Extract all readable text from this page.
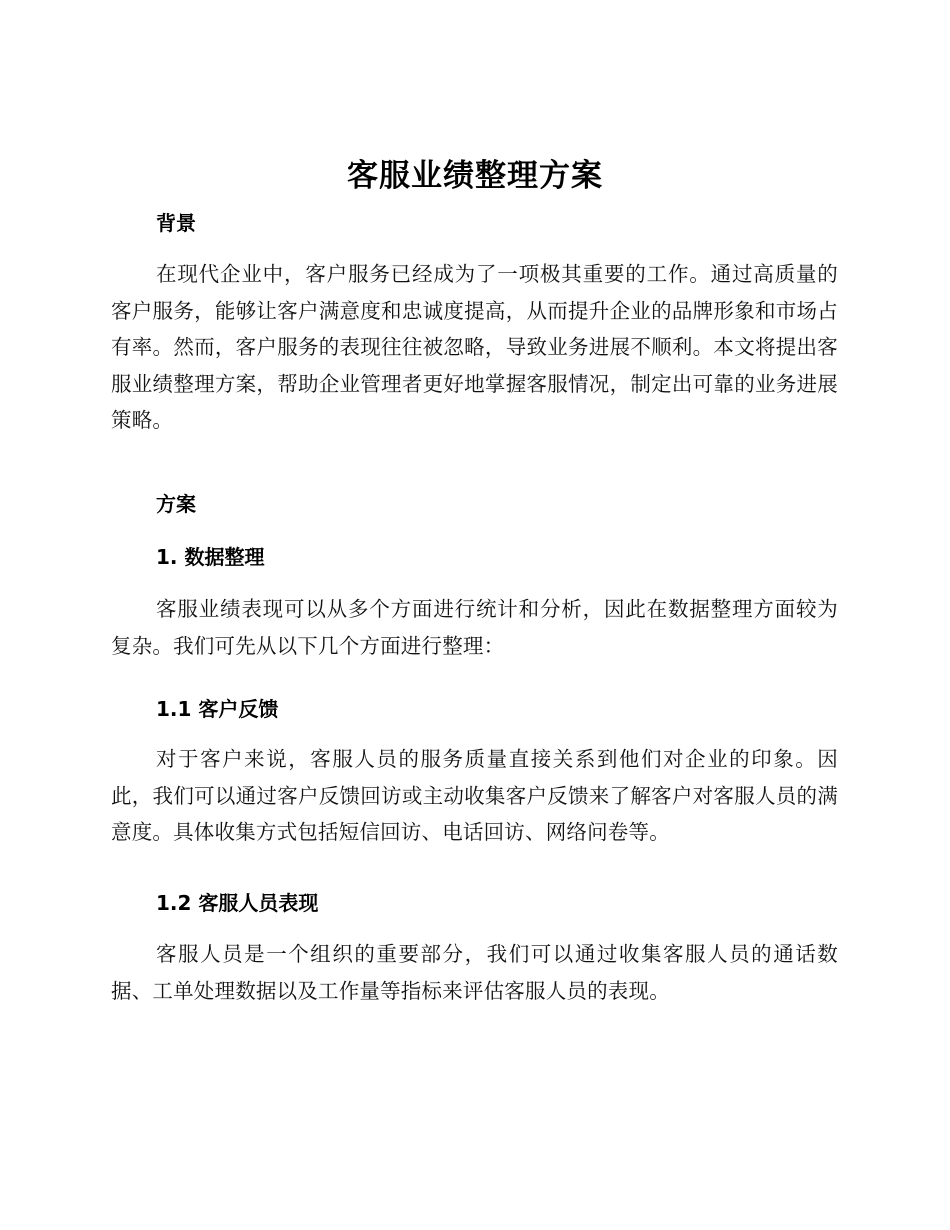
客服业绩整理方案
背景

在现代企业中，客户服务已经成为了一项极其重要的工作。通过高质量的客户服务，能够让客户满意度和忠诚度提高，从而提升企业的品牌形象和市场占有率。然而，客户服务的表现往往被忽略，导致业务进展不顺利。本文将提出客服业绩整理方案，帮助企业管理者更好地掌握客服情况，制定出可靠的业务进展策略。

方案
1. 数据整理

客服业绩表现可以从多个方面进行统计和分析，因此在数据整理方面较为复杂。我们可先从以下几个方面进行整理：

1.1 客户反馈

对于客户来说，客服人员的服务质量直接关系到他们对企业的印象。因此，我们可以通过客户反馈回访或主动收集客户反馈来了解客户对客服人员的满意度。具体收集方式包括短信回访、电话回访、网络问卷等。

1.2 客服人员表现

客服人员是一个组织的重要部分，我们可以通过收集客服人员的通话数据、工单处理数据以及工作量等指标来评估客服人员的表现。
